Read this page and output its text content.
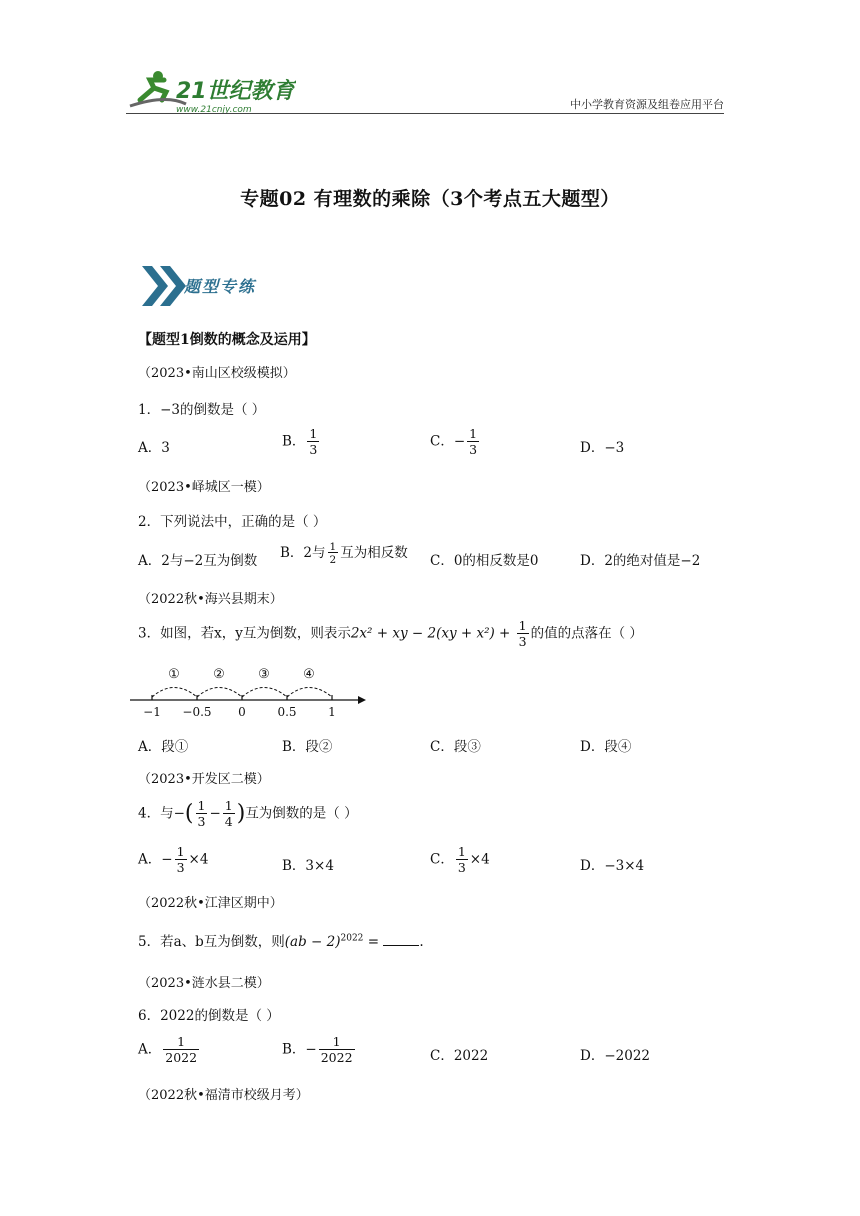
21世纪教育
www.21cnjy.com	中小学教育资源及组卷应用平台
专题02 有理数的乘除（3个考点五大题型）
题型专练
【题型1倒数的概念及运用】
（2023•南山区校级模拟）
1．−3的倒数是（ ）
A．3	B． $\frac{1}{3}$	C．− $\frac{1}{3}$	D．−3
（2023•峄城区一模）
2．下列说法中，正确的是（ ）
A．2与−2互为倒数 B．2与 $\frac{1}{2}$ 互为相反数 C．0的相反数是0	D．2的绝对值是−2
（2022秋•海兴县期末）
3．如图，若x，y互为倒数，则表示2x² + xy − $2(xy + x^2) + \frac{1}{3}$ 的值的点落在（ ）
①	②	③	④
−1 −0.5 0	0.5	1
A．段①	B．段②	C．段③	D．段④
（2023•开发区二模）
4．与−( $\frac{1}{3} - \frac{1}{4}$ )互为倒数的是（ ）
A．− $\frac{1}{3} \times 4$	B．3×4	C． $\frac{1}{3} \times 4$	D．−3×4
（2022秋•江津区期中）
5．若a、b互为倒数，则(ab − 2)$^{2022}$ =	.
（2023•涟水县二模）
6．2022的倒数是（ ）
A． $\frac{1}{2022}$	B．− $\frac{1}{2022}$	C．2022	D．−2022
（2022秋•福清市校级月考）
